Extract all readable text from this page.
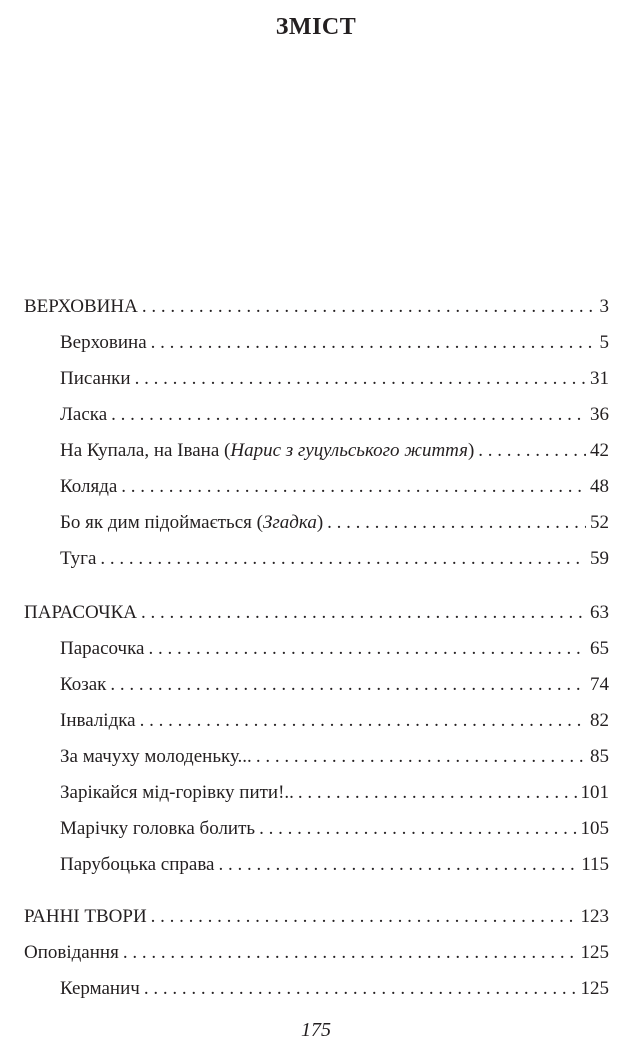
ЗМІСТ
ВЕРХОВИНА . . .	3
Верховина . . .	5
Писанки . . .	31
Ласка . . .	36
На Купала, на Івана (Нарис з гуцульського життя) . . .	42
Коляда . . .	48
Бо як дим підоймається (Згадка) . . .	52
Туга . . .	59
ПАРАСОЧКА . . .	63
Парасочка . . .	65
Козак . . .	74
Інвалідка . . .	82
За мачуху молоденьку... . . .	85
Зарікайся мід-горівку пити!.. . . .	101
Марічку головка болить . . .	105
Парубоцька справа . . .	115
РАННІ ТВОРИ . . .	123
Оповідання . . .	125
Керманич . . .	125
175
